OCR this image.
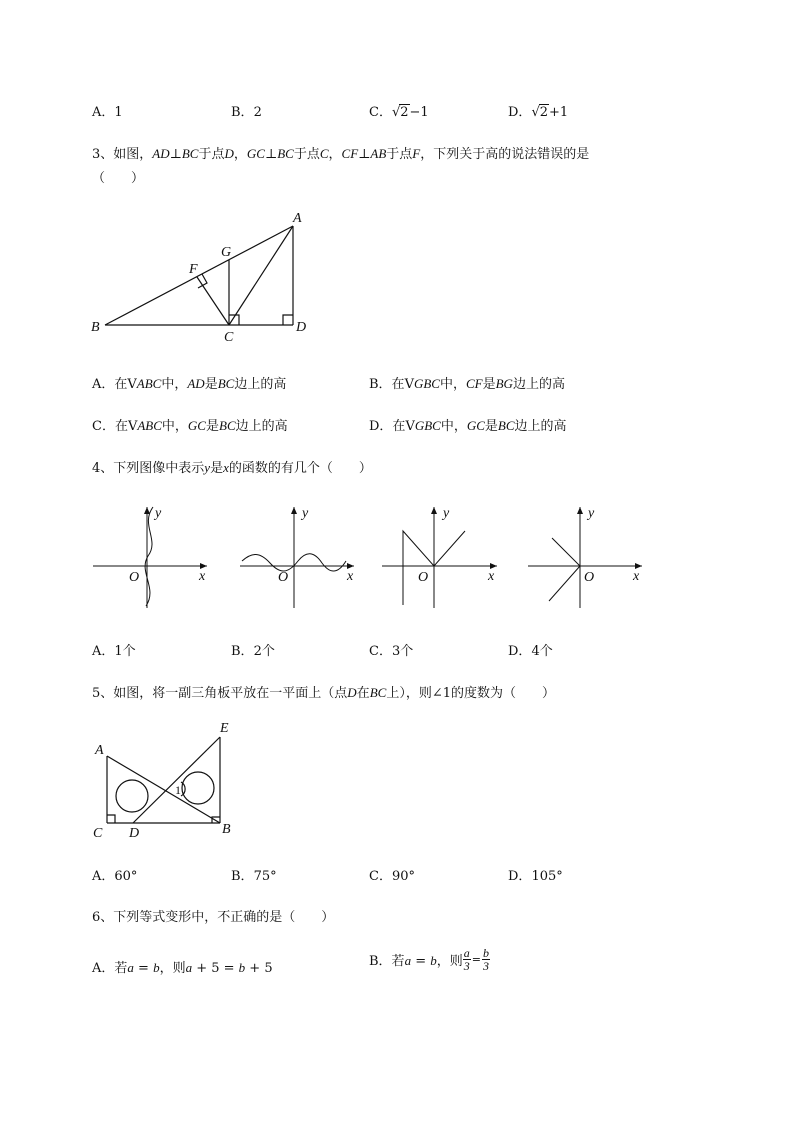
A．1	B．2	C．√2−1	D．√2+1
3、如图，AD⊥BC于点D，GC⊥BC于点C，CF⊥AB于点F，下列关于高的说法错误的是
（　　）
A
B
C
D
F
G
A．在VABC中，AD是BC边上的高	B．在VGBC中，CF是BG边上的高
C．在VABC中，GC是BC边上的高	D．在VGBC中，GC是BC边上的高
4、下列图像中表示y是x的函数的有几个（　　）
y
x
O
y
x
O
y
x
O
y
x
O
A．1个	B．2个	C．3个	D．4个
5、如图，将一副三角板平放在一平面上（点D在BC上），则∠1的度数为（　　）
E
A
C D	B
1
A．60°	B．75°	C．90°	D．105°
6、下列等式变形中，不正确的是（　　）
A．若a = b，则a + 5 = b + 5	B．若a = b，则 $\frac{a}{3} = \frac{b}{3}$
